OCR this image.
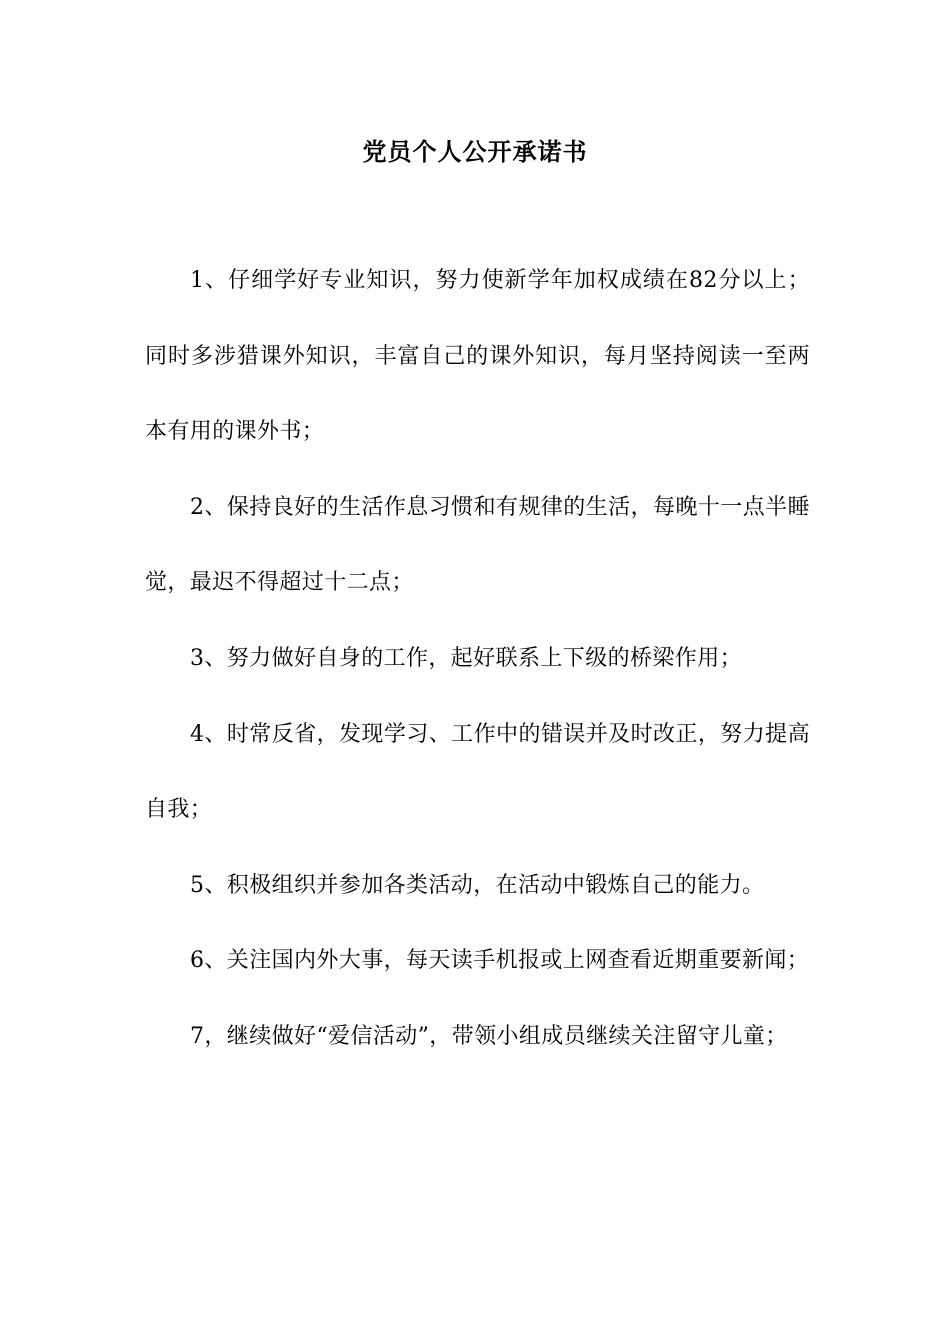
党员个人公开承诺书

1、仔细学好专业知识，努力使新学年加权成绩在82分以上；同时多涉猎课外知识，丰富自己的课外知识，每月坚持阅读一至两本有用的课外书；

2、保持良好的生活作息习惯和有规律的生活，每晚十一点半睡觉，最迟不得超过十二点；

3、努力做好自身的工作，起好联系上下级的桥梁作用；

4、时常反省，发现学习、工作中的错误并及时改正，努力提高自我；

5、积极组织并参加各类活动，在活动中锻炼自己的能力。

6、关注国内外大事，每天读手机报或上网查看近期重要新闻；

7，继续做好“爱信活动”，带领小组成员继续关注留守儿童；
